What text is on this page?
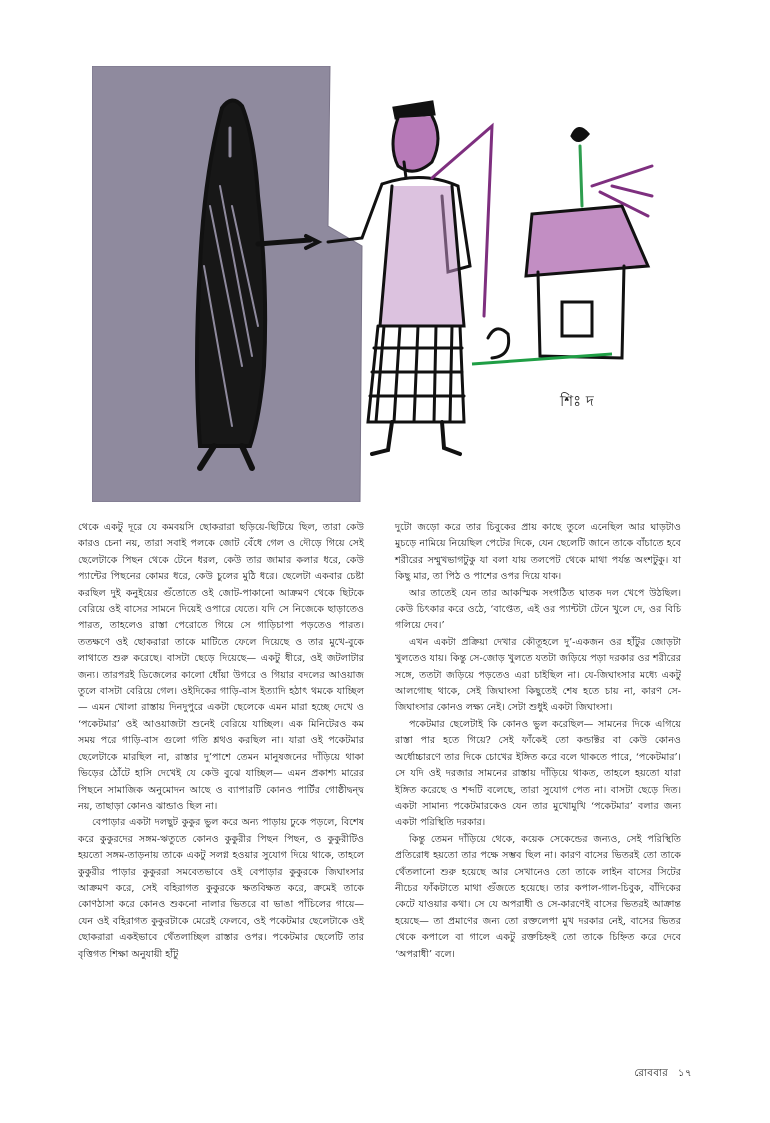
শিঃ দ

থেকে একটু দূরে যে কমবয়সি ছোকরারা ছড়িয়ে-ছিটিয়ে ছিল, তারা কেউ কারও চেনা নয়, তারা সবাই পলকে জোট বেঁধে গেল ও দৌড়ে গিয়ে সেই ছেলেটাকে পিছন থেকে টেনে ধরল, কেউ তার জামার কলার ধরে, কেউ প্যান্টের পিছনের কোমর ধরে, কেউ চুলের মুঠি ধরে। ছেলেটা একবার চেষ্টা করছিল দুই কনুইয়ের গুঁতোতে ওই জোট-পাকানো আক্রমণ থেকে ছিটকে বেরিয়ে ওই বাসের সামনে দিয়েই ওপারে যেতে। যদি সে নিজেকে ছাড়াতেও পারত, তাহলেও রাস্তা পেরোতে গিয়ে সে গাড়িচাপা পড়তেও পারত। ততক্ষণে ওই ছোকরারা তাকে মাটিতে ফেলে দিয়েছে ও তার মুখে-বুকে লাথাতে শুরু করেছে। বাসটা ছেড়ে দিয়েছে— একটু ধীরে, ওই জটলাটার জন্য। তারপরই ডিজেলের কালো ধোঁয়া উগরে ও গিয়ার বদলের আওয়াজ তুলে বাসটা বেরিয়ে গেল। ওইদিকের গাড়ি-বাস ইত্যাদি হঠাৎ থমকে যাচ্ছিল— এমন খোলা রাস্তায় দিনদুপুরে একটা ছেলেকে এমন মারা হচ্ছে দেখে ও ‘পকেটমার’ ওই আওয়াজটা শুনেই বেরিয়ে যাচ্ছিল। এক মিনিটেরও কম সময় পরে গাড়ি-বাস গুলো গতি শ্লথও করছিল না। যারা ওই পকেটমার ছেলেটাকে মারছিল না, রাস্তার দু’পাশে তেমন মানুষজনের দাঁড়িয়ে থাকা ভিড়ের ঠোঁটে হাসি দেখেই যে কেউ বুঝে যাচ্ছিল— এমন প্রকাশ্য মারের পিছনে সামাজিক অনুমোদন আছে ও ব্যাপারটি কোনও পার্টির গোষ্ঠীদ্বন্দ্ব নয়, তাছাড়া কোনও ঝান্ডাও ছিল না।

বেপাড়ার একটা দলছুট কুকুর ভুল করে অন্য পাড়ায় ঢুকে পড়লে, বিশেষ করে কুকুরদের সঙ্গম-ঋতুতে কোনও কুকুরীর পিছন পিছন, ও কুকুরীটিও হয়তো সঙ্গম-তাড়নায় তাকে একটু সলগ্ন হওয়ার সুযোগ দিয়ে থাকে, তাহলে কুকুরীর পাড়ার কুকুররা সমবেতভাবে ওই বেপাড়ার কুকুরকে জিঘাংসার আক্রমণ করে, সেই বহিরাগত কুকুরকে ক্ষতবিক্ষত করে, ক্রমেই তাকে কোণঠাসা করে কোনও শুকনো নালার ভিতরে বা ভাঙা পাঁচিলের গায়ে— যেন ওই বহিরাগত কুকুরটাকে মেরেই ফেলবে, ওই পকেটমার ছেলেটাকে ওই ছোকরারা একইভাবে থেঁতলাচ্ছিল রাস্তার ওপর। পকেটমার ছেলেটি তার বৃত্তিগত শিক্ষা অনুযায়ী হাঁটু

দুটো জড়ো করে তার চিবুকের প্রায় কাছে তুলে এনেছিল আর ঘাড়টাও মুচড়ে নামিয়ে নিয়েছিল পেটের দিকে, যেন ছেলেটি জানে তাকে বাঁচাতে হবে শরীরের সম্মুখভাগটুকু যা বলা যায় তলপেট থেকে মাথা পর্যন্ত অংশটুকু। যা কিছু মার, তা পিঠ ও পাশের ওপর দিয়ে যাক।

আর তাতেই যেন তার আকস্মিক সংগঠিত ঘাতক দল খেপে উঠছিল। কেউ চিৎকার করে ওঠে, ‘বাপ্তেত, এই ওর প্যান্টটা টেনে খুলে দে, ওর বিচি গলিয়ে দেব।’

এখন একটা প্রক্রিয়া দেখার কৌতূহলে দু’-একজন ওর হাঁটুর জোড়টা খুলতেও যায়। কিন্তু সে-জোড় খুলতে যতটা জড়িয়ে পড়া দরকার ওর শরীরের সঙ্গে, ততটা জড়িয়ে পড়তেও এরা চাইছিল না। যে-জিঘাংসার মধ্যে একটু আলগোছ থাকে, সেই জিঘাংসা কিছুতেই শেষ হতে চায় না, কারণ সে-জিঘাংসার কোনও লক্ষ্য নেই। সেটা শুধুই একটা জিঘাংসা।

পকেটমার ছেলেটাই কি কোনও ভুল করেছিল— সামনের দিকে এগিয়ে রাস্তা পার হতে গিয়ে? সেই ফাঁকেই তো কন্ডাক্টর বা কেউ কোনও অর্ধোচ্চারণে তার দিকে চোখের ইঙ্গিত করে বলে থাকতে পারে, ‘পকেটমার’। সে যদি ওই দরজার সামনের রাস্তায় দাঁড়িয়ে থাকত, তাহলে হয়তো যারা ইঙ্গিত করেছে ও শব্দটি বলেছে, তারা সুযোগ পেত না। বাসটা ছেড়ে দিত। একটা সামান্য পকেটমারকেও যেন তার মুখোমুখি ‘পকেটমার’ বলার জন্য একটা পরিস্থিতি দরকার।

কিন্তু তেমন দাঁড়িয়ে থেকে, কয়েক সেকেন্ডের জন্যও, সেই পরিস্থিতি প্রতিরোধ হয়তো তার পক্ষে সম্ভব ছিল না। কারণ বাসের ভিতরই তো তাকে থেঁতলানো শুরু হয়েছে আর সেখানেও তো তাকে লাইন বাসের সিটের নীচের ফাঁকটাতে মাথা গুঁজতে হয়েছে। তার কপাল-গাল-চিবুক, বাঁদিকের কেটে যাওয়ার কথা। সে যে অপরাধী ও সে-কারণেই বাসের ভিতরই আক্রান্ত হয়েছে— তা প্রমাণের জন্য তো রক্তলেপা মুখ দরকার নেই, বাসের ভিতর থেকে কপালে বা গালে একটু রক্তচিহ্নই তো তাকে চিহ্নিত করে দেবে ‘অপরাধী’ বলে।

রোববার ১৭
